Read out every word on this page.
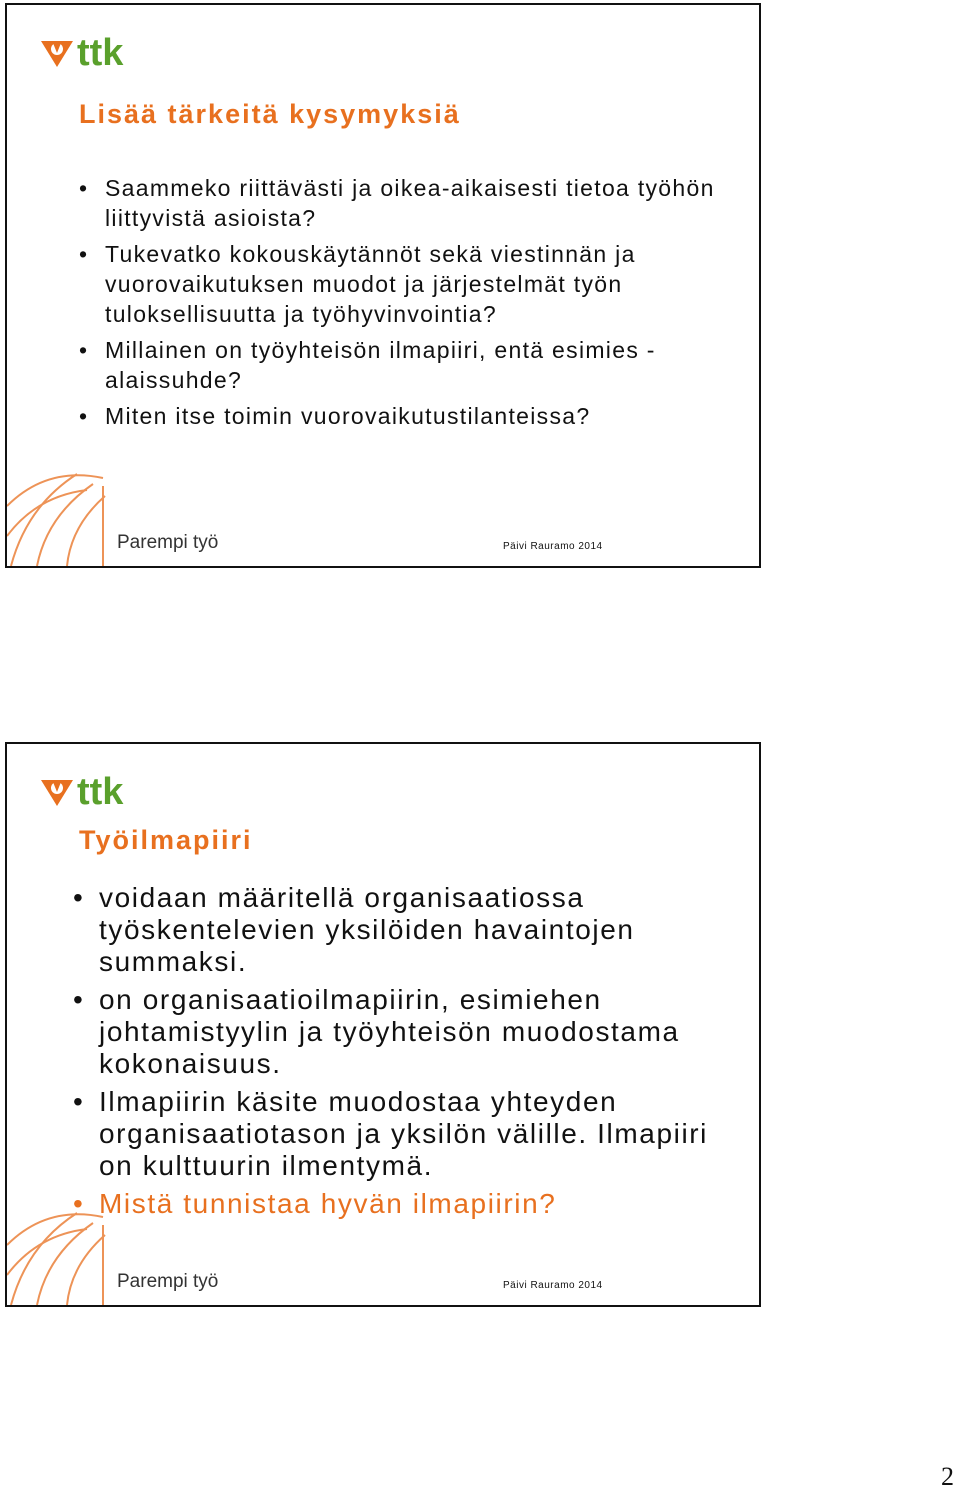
ttk
Lisää tärkeitä kysymyksiä
• Saammeko riittävästi ja oikea-aikaisesti tietoa työhön liittyvistä asioista?
• Tukevatko kokouskäytännöt sekä viestinnän ja vuorovaikutuksen muodot ja järjestelmät työn tuloksellisuutta ja työhyvinvointia?
• Millainen on työyhteisön ilmapiiri, entä esimies - alaissuhde?
• Miten itse toimin vuorovaikutustilanteissa?
Parempi työ	Päivi Rauramo 2014
ttk
Työilmapiiri
• voidaan määritellä organisaatiossa työskentelevien yksilöiden havaintojen summaksi.
• on organisaatioilmapiirin, esimiehen johtamistyylin ja työyhteisön muodostama kokonaisuus.
• Ilmapiirin käsite muodostaa yhteyden organisaatiotason ja yksilön välille. Ilmapiiri on kulttuurin ilmentymä.
• Mistä tunnistaa hyvän ilmapiirin?
Parempi työ	Päivi Rauramo 2014
2
